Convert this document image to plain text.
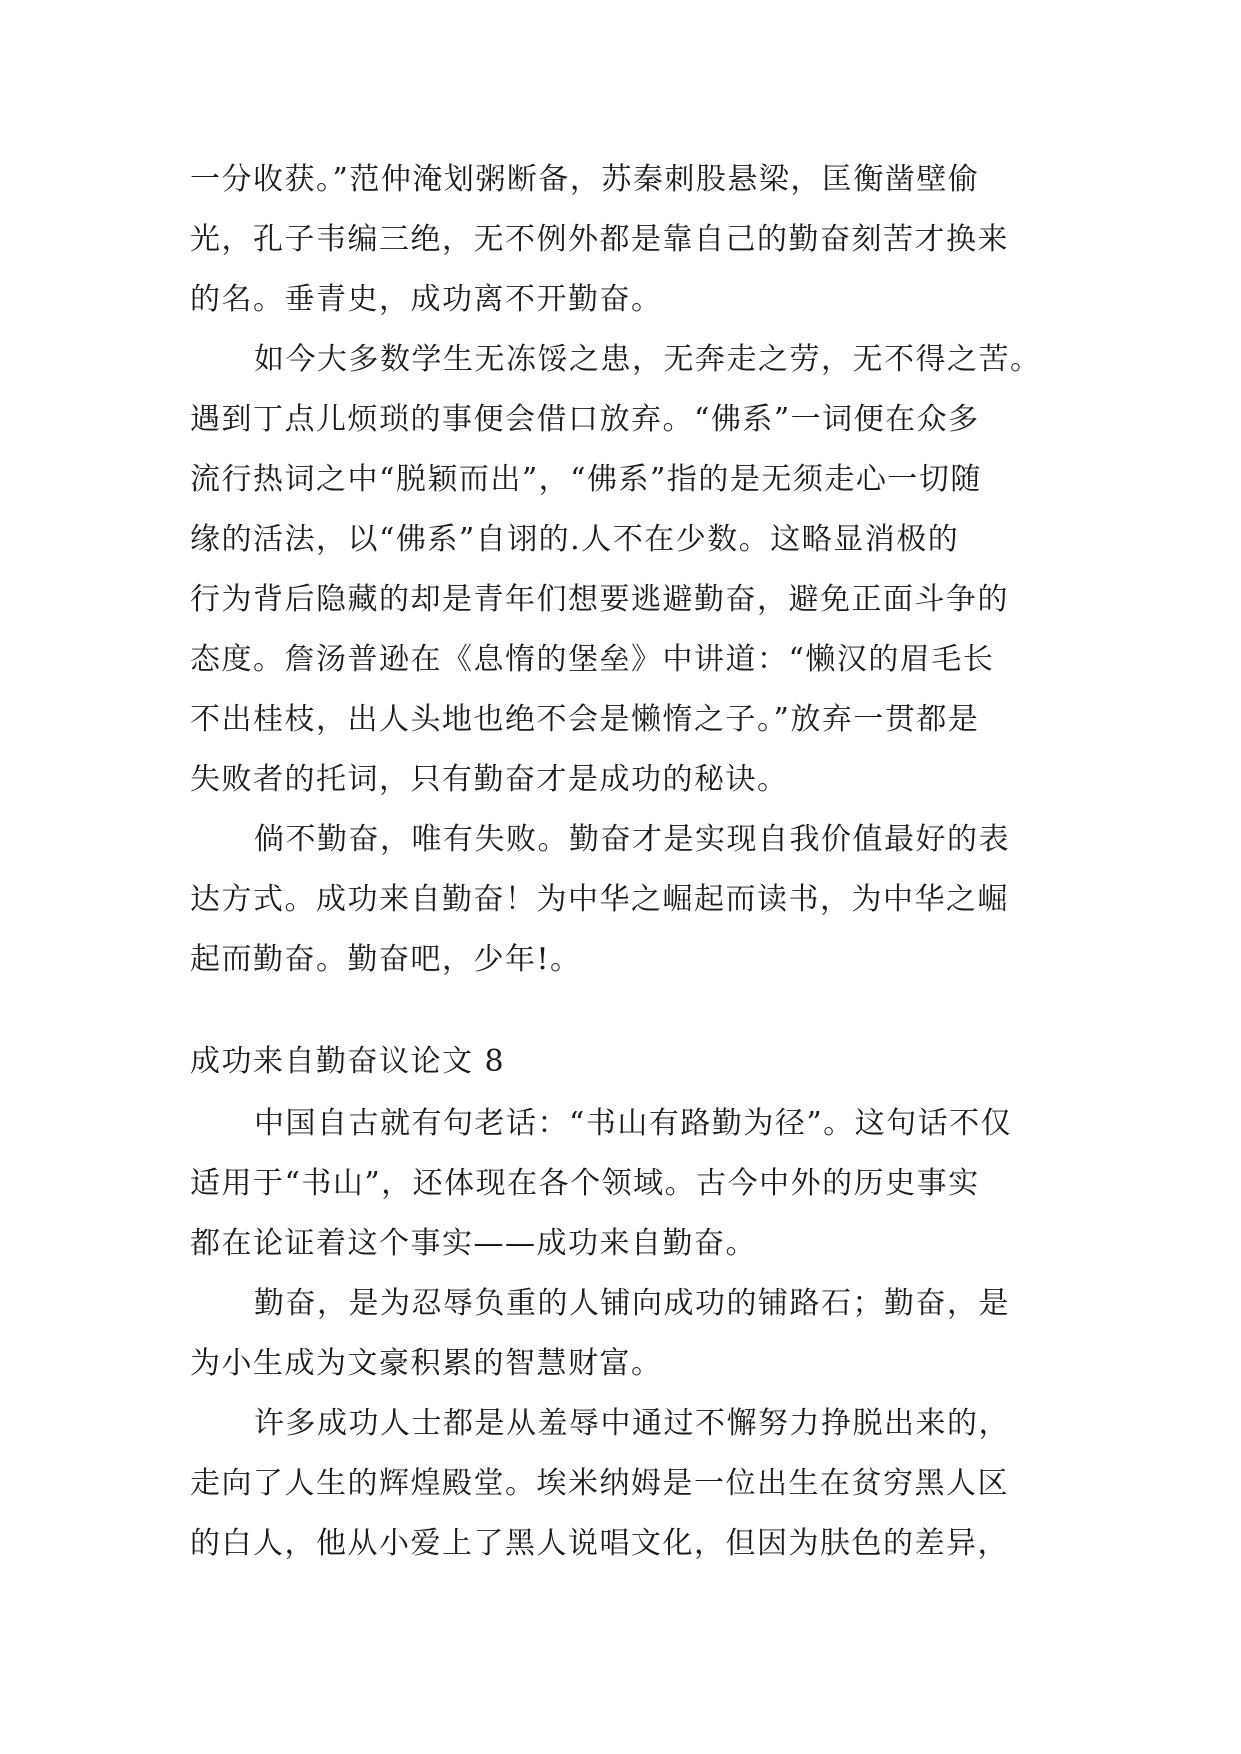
一分收获。”范仲淹划粥断备，苏秦刺股悬梁，匡衡凿壁偷
光，孔子韦编三绝，无不例外都是靠自己的勤奋刻苦才换来
的名。垂青史，成功离不开勤奋。
如今大多数学生无冻馁之患，无奔走之劳，无不得之苦。
遇到丁点儿烦琐的事便会借口放弃。“佛系”一词便在众多
流行热词之中“脱颖而出”，“佛系”指的是无须走心一切随
缘的活法，以“佛系”自诩的.人不在少数。这略显消极的
行为背后隐藏的却是青年们想要逃避勤奋，避免正面斗争的
态度。詹汤普逊在《息惰的堡垒》中讲道：“懒汉的眉毛长
不出桂枝，出人头地也绝不会是懒惰之子。”放弃一贯都是
失败者的托词，只有勤奋才是成功的秘诀。
倘不勤奋，唯有失败。勤奋才是实现自我价值最好的表
达方式。成功来自勤奋！为中华之崛起而读书，为中华之崛
起而勤奋。勤奋吧，少年!。
成功来自勤奋议论文 8
中国自古就有句老话：“书山有路勤为径”。这句话不仅
适用于“书山”，还体现在各个领域。古今中外的历史事实
都在论证着这个事实——成功来自勤奋。
勤奋，是为忍辱负重的人铺向成功的铺路石；勤奋，是
为小生成为文豪积累的智慧财富。
许多成功人士都是从羞辱中通过不懈努力挣脱出来的，
走向了人生的辉煌殿堂。埃米纳姆是一位出生在贫穷黑人区
的白人，他从小爱上了黑人说唱文化，但因为肤色的差异，
